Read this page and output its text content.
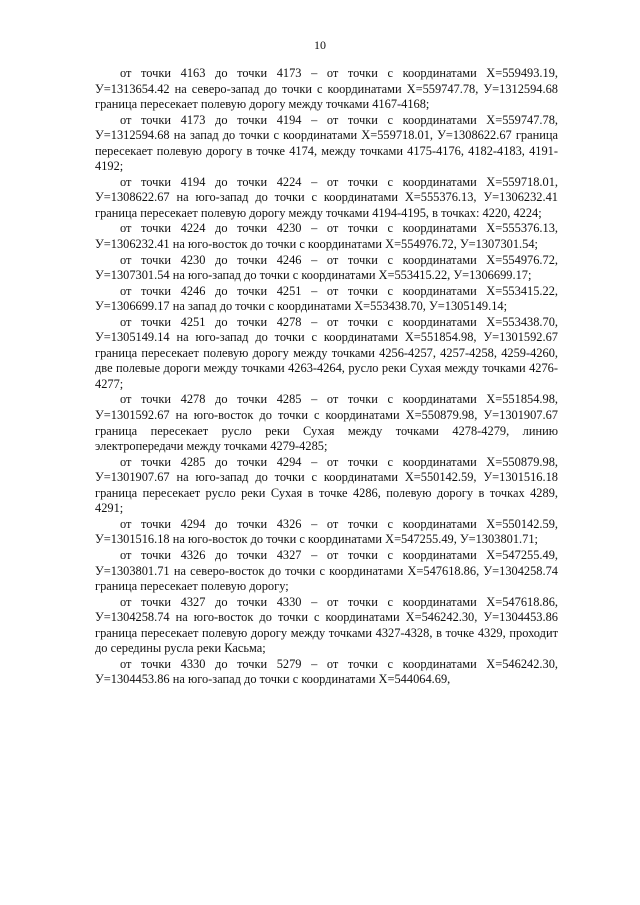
10

от точки 4163 до точки 4173 – от точки с координатами X=559493.19, У=1313654.42 на северо-запад до точки с координатами X=559747.78, У=1312594.68 граница пересекает полевую дорогу между точками 4167-4168;

от точки 4173 до точки 4194 – от точки с координатами X=559747.78, У=1312594.68 на запад до точки с координатами X=559718.01, У=1308622.67 граница пересекает полевую дорогу в точке 4174, между точками 4175-4176, 4182-4183, 4191-4192;

от точки 4194 до точки 4224 – от точки с координатами X=559718.01, У=1308622.67 на юго-запад до точки с координатами X=555376.13, У=1306232.41 граница пересекает полевую дорогу между точками 4194-4195, в точках: 4220, 4224;

от точки 4224 до точки 4230 – от точки с координатами X=555376.13, У=1306232.41 на юго-восток до точки с координатами X=554976.72, У=1307301.54;

от точки 4230 до точки 4246 – от точки с координатами X=554976.72, У=1307301.54 на юго-запад до точки с координатами X=553415.22, У=1306699.17;

от точки 4246 до точки 4251 – от точки с координатами X=553415.22, У=1306699.17 на запад до точки с координатами X=553438.70, У=1305149.14;

от точки 4251 до точки 4278 – от точки с координатами X=553438.70, У=1305149.14 на юго-запад до точки с координатами X=551854.98, У=1301592.67 граница пересекает полевую дорогу между точками 4256-4257, 4257-4258, 4259-4260, две полевые дороги между точками 4263-4264, русло реки Сухая между точками 4276-4277;

от точки 4278 до точки 4285 – от точки с координатами X=551854.98, У=1301592.67 на юго-восток до точки с координатами X=550879.98, У=1301907.67 граница пересекает русло реки Сухая между точками 4278-4279, линию электропередачи между точками 4279-4285;

от точки 4285 до точки 4294 – от точки с координатами X=550879.98, У=1301907.67 на юго-запад до точки с координатами X=550142.59, У=1301516.18 граница пересекает русло реки Сухая в точке 4286, полевую дорогу в точках 4289, 4291;

от точки 4294 до точки 4326 – от точки с координатами X=550142.59, У=1301516.18 на юго-восток до точки с координатами X=547255.49, У=1303801.71;

от точки 4326 до точки 4327 – от точки с координатами X=547255.49, У=1303801.71 на северо-восток до точки с координатами X=547618.86, У=1304258.74 граница пересекает полевую дорогу;

от точки 4327 до точки 4330 – от точки с координатами X=547618.86, У=1304258.74 на юго-восток до точки с координатами X=546242.30, У=1304453.86 граница пересекает полевую дорогу между точками 4327-4328, в точке 4329, проходит до середины русла реки Касьма;

от точки 4330 до точки 5279 – от точки с координатами X=546242.30, У=1304453.86 на юго-запад до точки с координатами X=544064.69,
